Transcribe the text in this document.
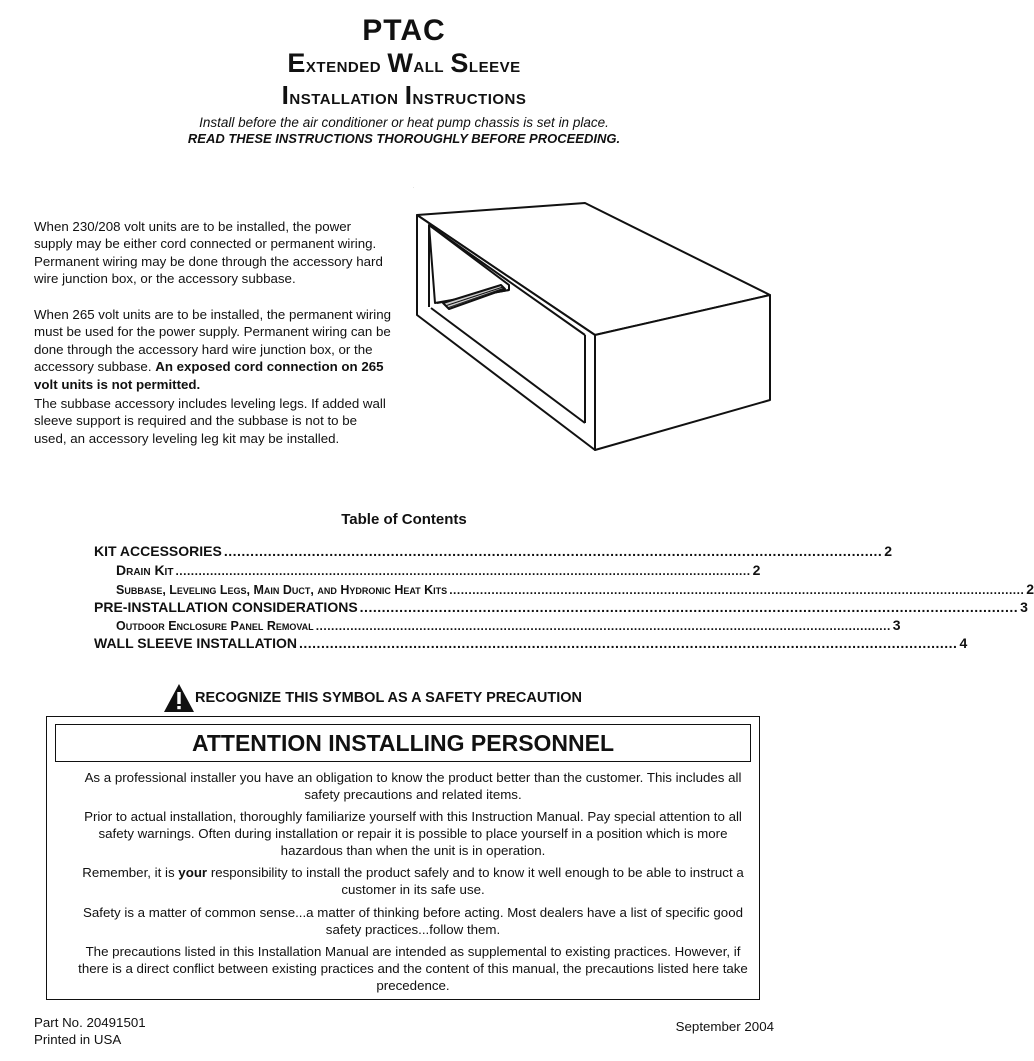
PTAC
Extended Wall Sleeve
Installation Instructions
Install before the air conditioner or heat pump chassis is set in place.
READ THESE INSTRUCTIONS THOROUGHLY BEFORE PROCEEDING.

When 230/208 volt units are to be installed, the power supply may be either cord connected or permanent wiring. Permanent wiring may be done through the accessory hard wire junction box, or the accessory subbase.

When 265 volt units are to be installed, the permanent wiring must be used for the power supply. Permanent wiring can be done through the accessory hard wire junction box, or the accessory subbase. An exposed cord connection on 265 volt units is not permitted.

The subbase accessory includes leveling legs. If added wall sleeve support is required and the subbase is not to be used, an accessory leveling leg kit may be installed.

.
Table of Contents
KIT ACCESSORIES ...................................................................................................................................................... 2
Drain Kit ...................................................................................................................................................... 2
Subbase, Leveling Legs, Main Duct, and Hydronic Heat Kits ...................................................................................................................................................... 2
PRE-INSTALLATION CONSIDERATIONS ...................................................................................................................................................... 3
Outdoor Enclosure Panel Removal ...................................................................................................................................................... 3
WALL SLEEVE INSTALLATION ...................................................................................................................................................... 4
RECOGNIZE THIS SYMBOL AS A SAFETY PRECAUTION
ATTENTION INSTALLING PERSONNEL

As a professional installer you have an obligation to know the product better than the customer. This includes all safety precautions and related items.

Prior to actual installation, thoroughly familiarize yourself with this Instruction Manual. Pay special attention to all safety warnings. Often during installation or repair it is possible to place yourself in a position which is more hazardous than when the unit is in operation.

Remember, it is your responsibility to install the product safely and to know it well enough to be able to instruct a customer in its safe use.

Safety is a matter of common sense...a matter of thinking before acting. Most dealers have a list of specific good safety practices...follow them.

The precautions listed in this Installation Manual are intended as supplemental to existing practices. However, if there is a direct conflict between existing practices and the content of this manual, the precautions listed here take precedence.

Part No. 20491501
Printed in USA
September 2004
